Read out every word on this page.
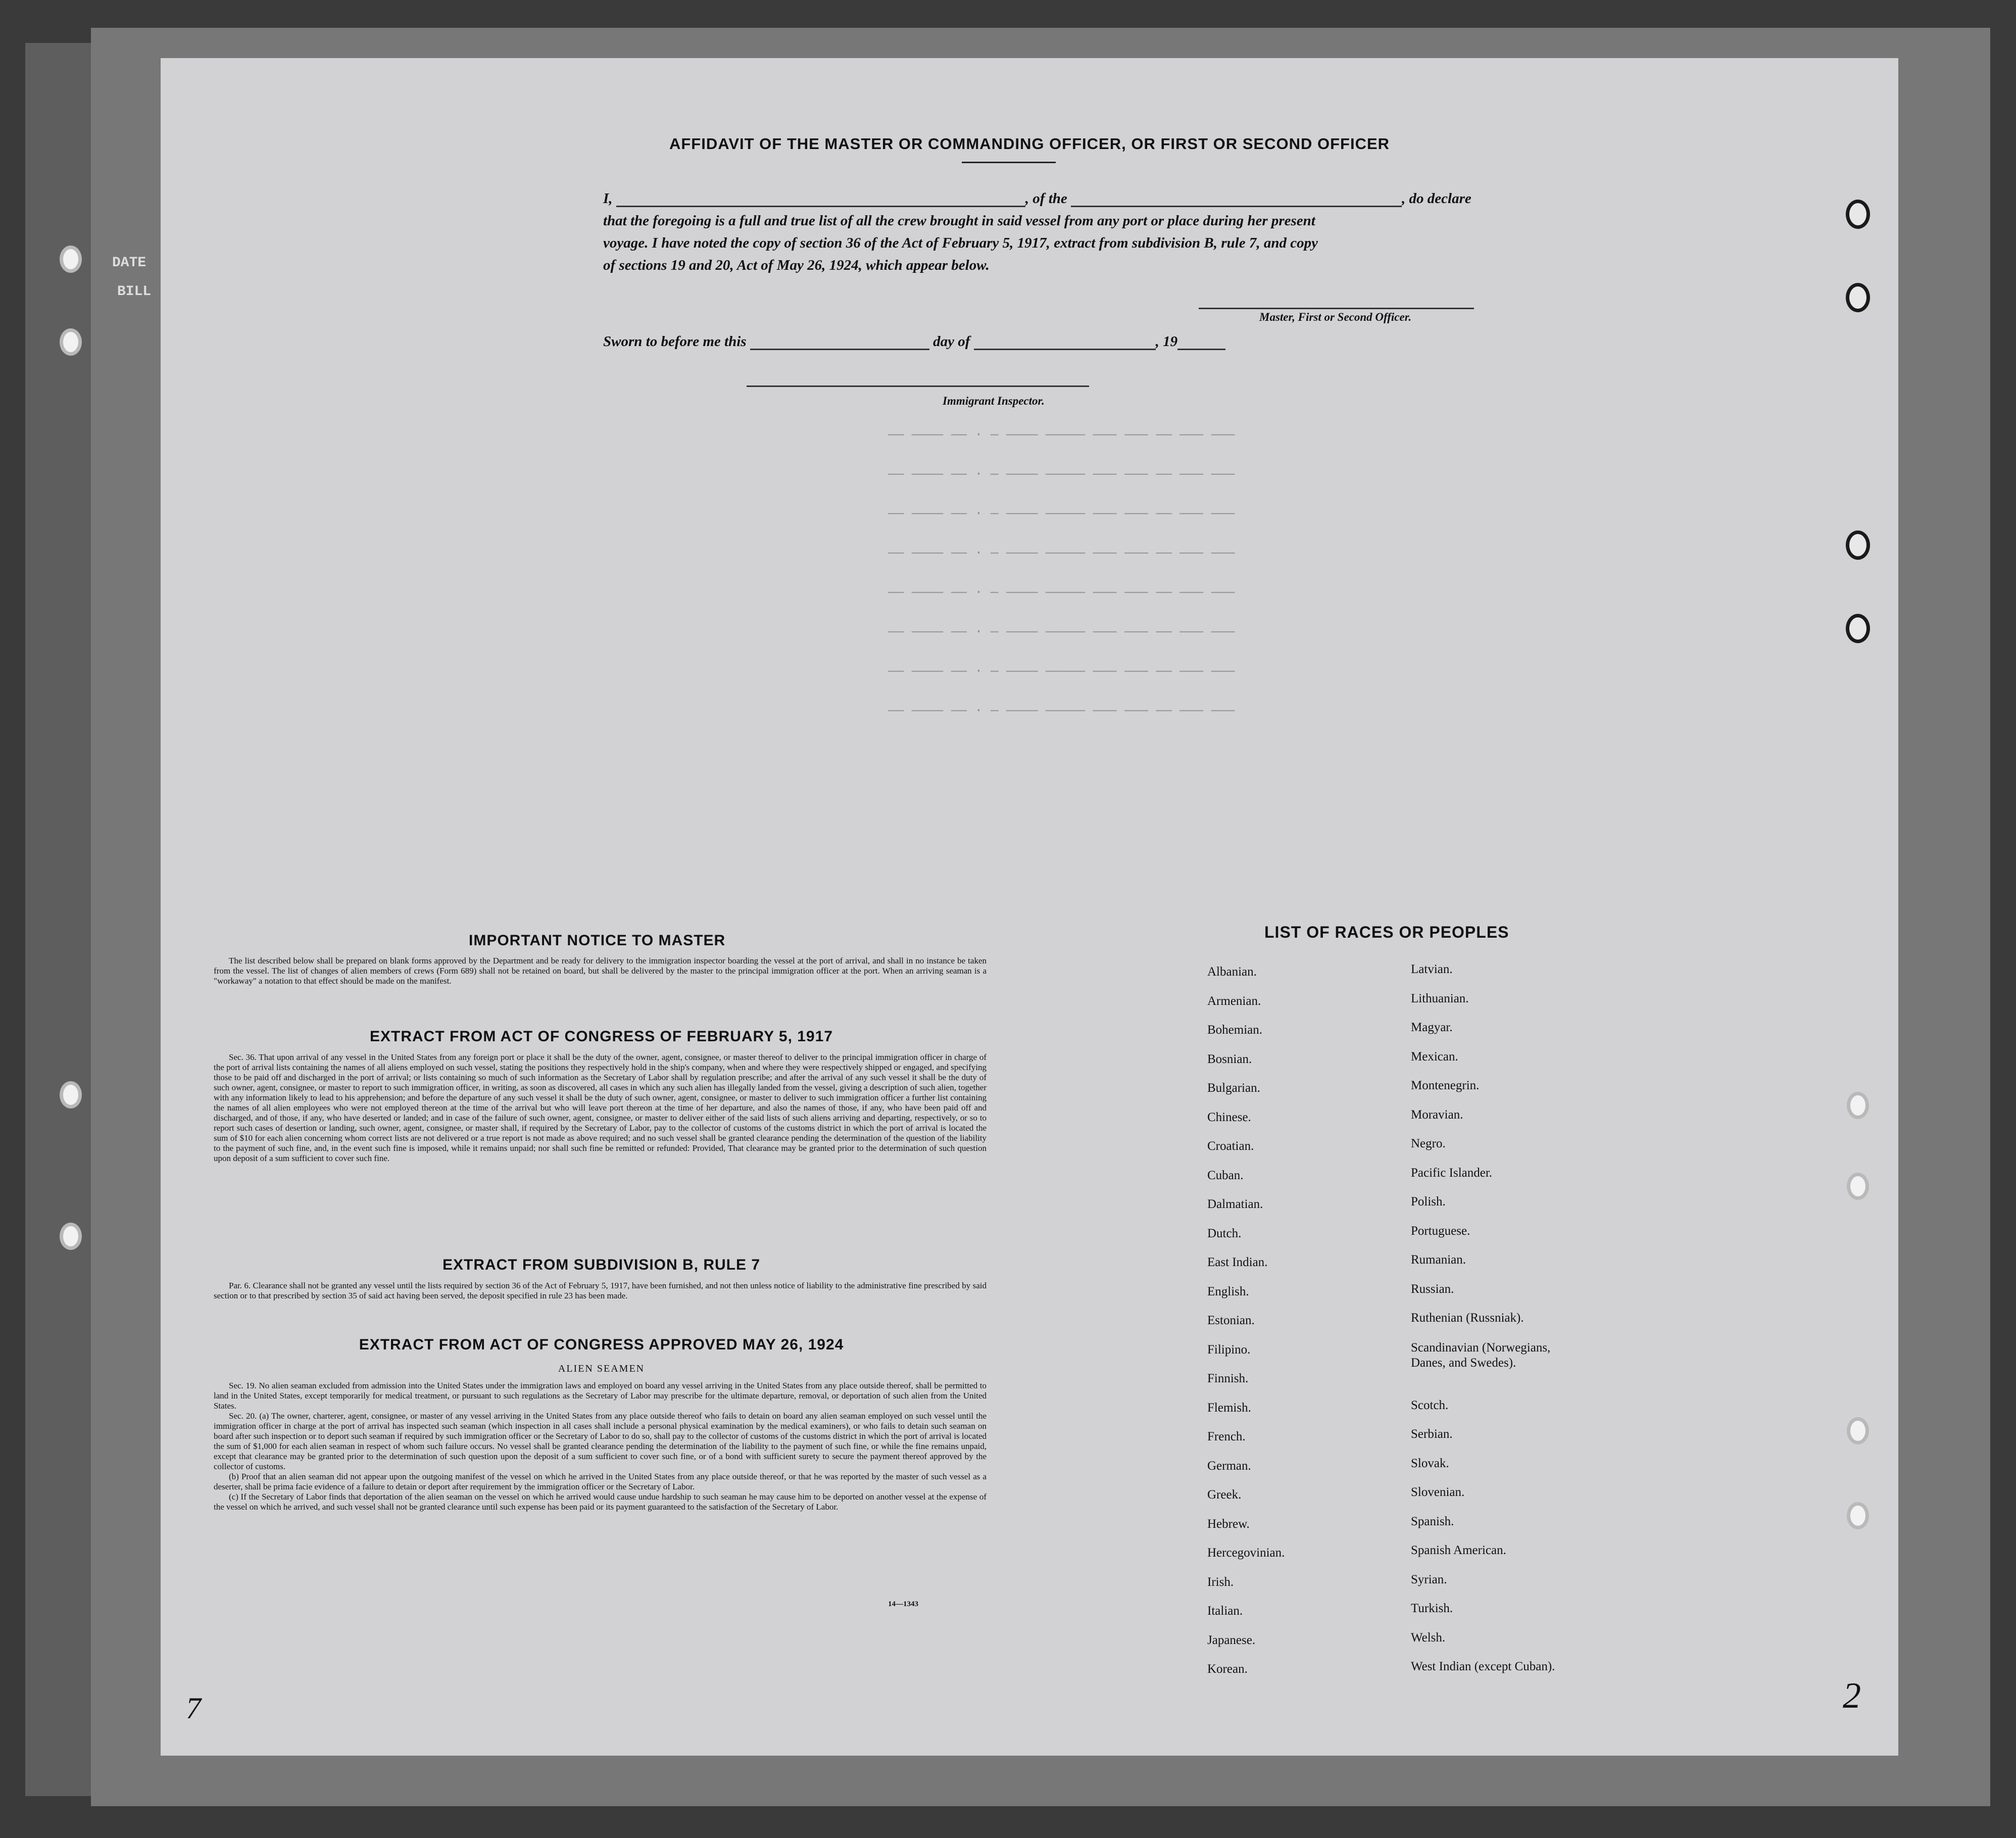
DATE
BILL
—— ———— —— · — ———— ————— ——— ——— —— ——— ———
—— ———— —— · — ———— ————— ——— ——— —— ——— ———
—— ———— —— · — ———— ————— ——— ——— —— ——— ———
—— ———— —— · — ———— ————— ——— ——— —— ——— ———
—— ———— —— · — ———— ————— ——— ——— —— ——— ———
—— ———— —— · — ———— ————— ——— ——— —— ——— ———
—— ———— —— · — ———— ————— ——— ——— —— ——— ———
—— ———— —— · — ———— ————— ——— ——— —— ——— ———
AFFIDAVIT OF THE MASTER OR COMMANDING OFFICER, OR FIRST OR SECOND OFFICER
I,	, of the	, do declare
that the foregoing is a full and true list of all the crew brought in said vessel from any port or place during her present
voyage. I have noted the copy of section 36 of the Act of February 5, 1917, extract from subdivision B, rule 7, and copy
of sections 19 and 20, Act of May 26, 1924, which appear below.
Master, First or Second Officer.
Sworn to before me this	day of	, 19
Immigrant Inspector.
IMPORTANT NOTICE TO MASTER
The list described below shall be prepared on blank forms approved by the Department and be ready for delivery to the immigration inspector boarding the vessel at the port of arrival, and shall in no instance be taken from the vessel. The list of changes of alien members of crews (Form 689) shall not be retained on board, but shall be delivered by the master to the principal immigration officer at the port. When an arriving seaman is a "workaway" a notation to that effect should be made on the manifest.
EXTRACT FROM ACT OF CONGRESS OF FEBRUARY 5, 1917
Sec. 36. That upon arrival of any vessel in the United States from any foreign port or place it shall be the duty of the owner, agent, consignee, or master thereof to deliver to the principal immigration officer in charge of the port of arrival lists containing the names of all aliens employed on such vessel, stating the positions they respectively hold in the ship's company, when and where they were respectively shipped or engaged, and specifying those to be paid off and discharged in the port of arrival; or lists containing so much of such information as the Secretary of Labor shall by regulation prescribe; and after the arrival of any such vessel it shall be the duty of such owner, agent, consignee, or master to report to such immigration officer, in writing, as soon as discovered, all cases in which any such alien has illegally landed from the vessel, giving a description of such alien, together with any information likely to lead to his apprehension; and before the departure of any such vessel it shall be the duty of such owner, agent, consignee, or master to deliver to such immigration officer a further list containing the names of all alien employees who were not employed thereon at the time of the arrival but who will leave port thereon at the time of her departure, and also the names of those, if any, who have been paid off and discharged, and of those, if any, who have deserted or landed; and in case of the failure of such owner, agent, consignee, or master to deliver either of the said lists of such aliens arriving and departing, respectively, or so to report such cases of desertion or landing, such owner, agent, consignee, or master shall, if required by the Secretary of Labor, pay to the collector of customs of the customs district in which the port of arrival is located the sum of $10 for each alien concerning whom correct lists are not delivered or a true report is not made as above required; and no such vessel shall be granted clearance pending the determination of the question of the liability to the payment of such fine, and, in the event such fine is imposed, while it remains unpaid; nor shall such fine be remitted or refunded: Provided, That clearance may be granted prior to the determination of such question upon deposit of a sum sufficient to cover such fine.
EXTRACT FROM SUBDIVISION B, RULE 7
Par. 6. Clearance shall not be granted any vessel until the lists required by section 36 of the Act of February 5, 1917, have been furnished, and not then unless notice of liability to the administrative fine prescribed by said section or to that prescribed by section 35 of said act having been served, the deposit specified in rule 23 has been made.
EXTRACT FROM ACT OF CONGRESS APPROVED MAY 26, 1924
ALIEN SEAMEN
Sec. 19. No alien seaman excluded from admission into the United States under the immigration laws and employed on board any vessel arriving in the United States from any place outside thereof, shall be permitted to land in the United States, except temporarily for medical treatment, or pursuant to such regulations as the Secretary of Labor may prescribe for the ultimate departure, removal, or deportation of such alien from the United States.
Sec. 20. (a) The owner, charterer, agent, consignee, or master of any vessel arriving in the United States from any place outside thereof who fails to detain on board any alien seaman employed on such vessel until the immigration officer in charge at the port of arrival has inspected such seaman (which inspection in all cases shall include a personal physical examination by the medical examiners), or who fails to detain such seaman on board after such inspection or to deport such seaman if required by such immigration officer or the Secretary of Labor to do so, shall pay to the collector of customs of the customs district in which the port of arrival is located the sum of $1,000 for each alien seaman in respect of whom such failure occurs. No vessel shall be granted clearance pending the determination of the liability to the payment of such fine, or while the fine remains unpaid, except that clearance may be granted prior to the determination of such question upon the deposit of a sum sufficient to cover such fine, or of a bond with sufficient surety to secure the payment thereof approved by the collector of customs.
(b) Proof that an alien seaman did not appear upon the outgoing manifest of the vessel on which he arrived in the United States from any place outside thereof, or that he was reported by the master of such vessel as a deserter, shall be prima facie evidence of a failure to detain or deport after requirement by the immigration officer or the Secretary of Labor.
(c) If the Secretary of Labor finds that deportation of the alien seaman on the vessel on which he arrived would cause undue hardship to such seaman he may cause him to be deported on another vessel at the expense of the vessel on which he arrived, and such vessel shall not be granted clearance until such expense has been paid or its payment guaranteed to the satisfaction of the Secretary of Labor.
14—1343
LIST OF RACES OR PEOPLES
Albanian.
Armenian.
Bohemian.
Bosnian.
Bulgarian.
Chinese.
Croatian.
Cuban.
Dalmatian.
Dutch.
East Indian.
English.
Estonian.
Filipino.
Finnish.
Flemish.
French.
German.
Greek.
Hebrew.
Hercegovinian.
Irish.
Italian.
Japanese.
Korean.
Latvian.
Lithuanian.
Magyar.
Mexican.
Montenegrin.
Moravian.
Negro.
Pacific Islander.
Polish.
Portuguese.
Rumanian.
Russian.
Ruthenian (Russniak).
Scandinavian (Norwegians, Danes, and Swedes).
Scotch.
Serbian.
Slovak.
Slovenian.
Spanish.
Spanish American.
Syrian.
Turkish.
Welsh.
West Indian (except Cuban).
7	2
